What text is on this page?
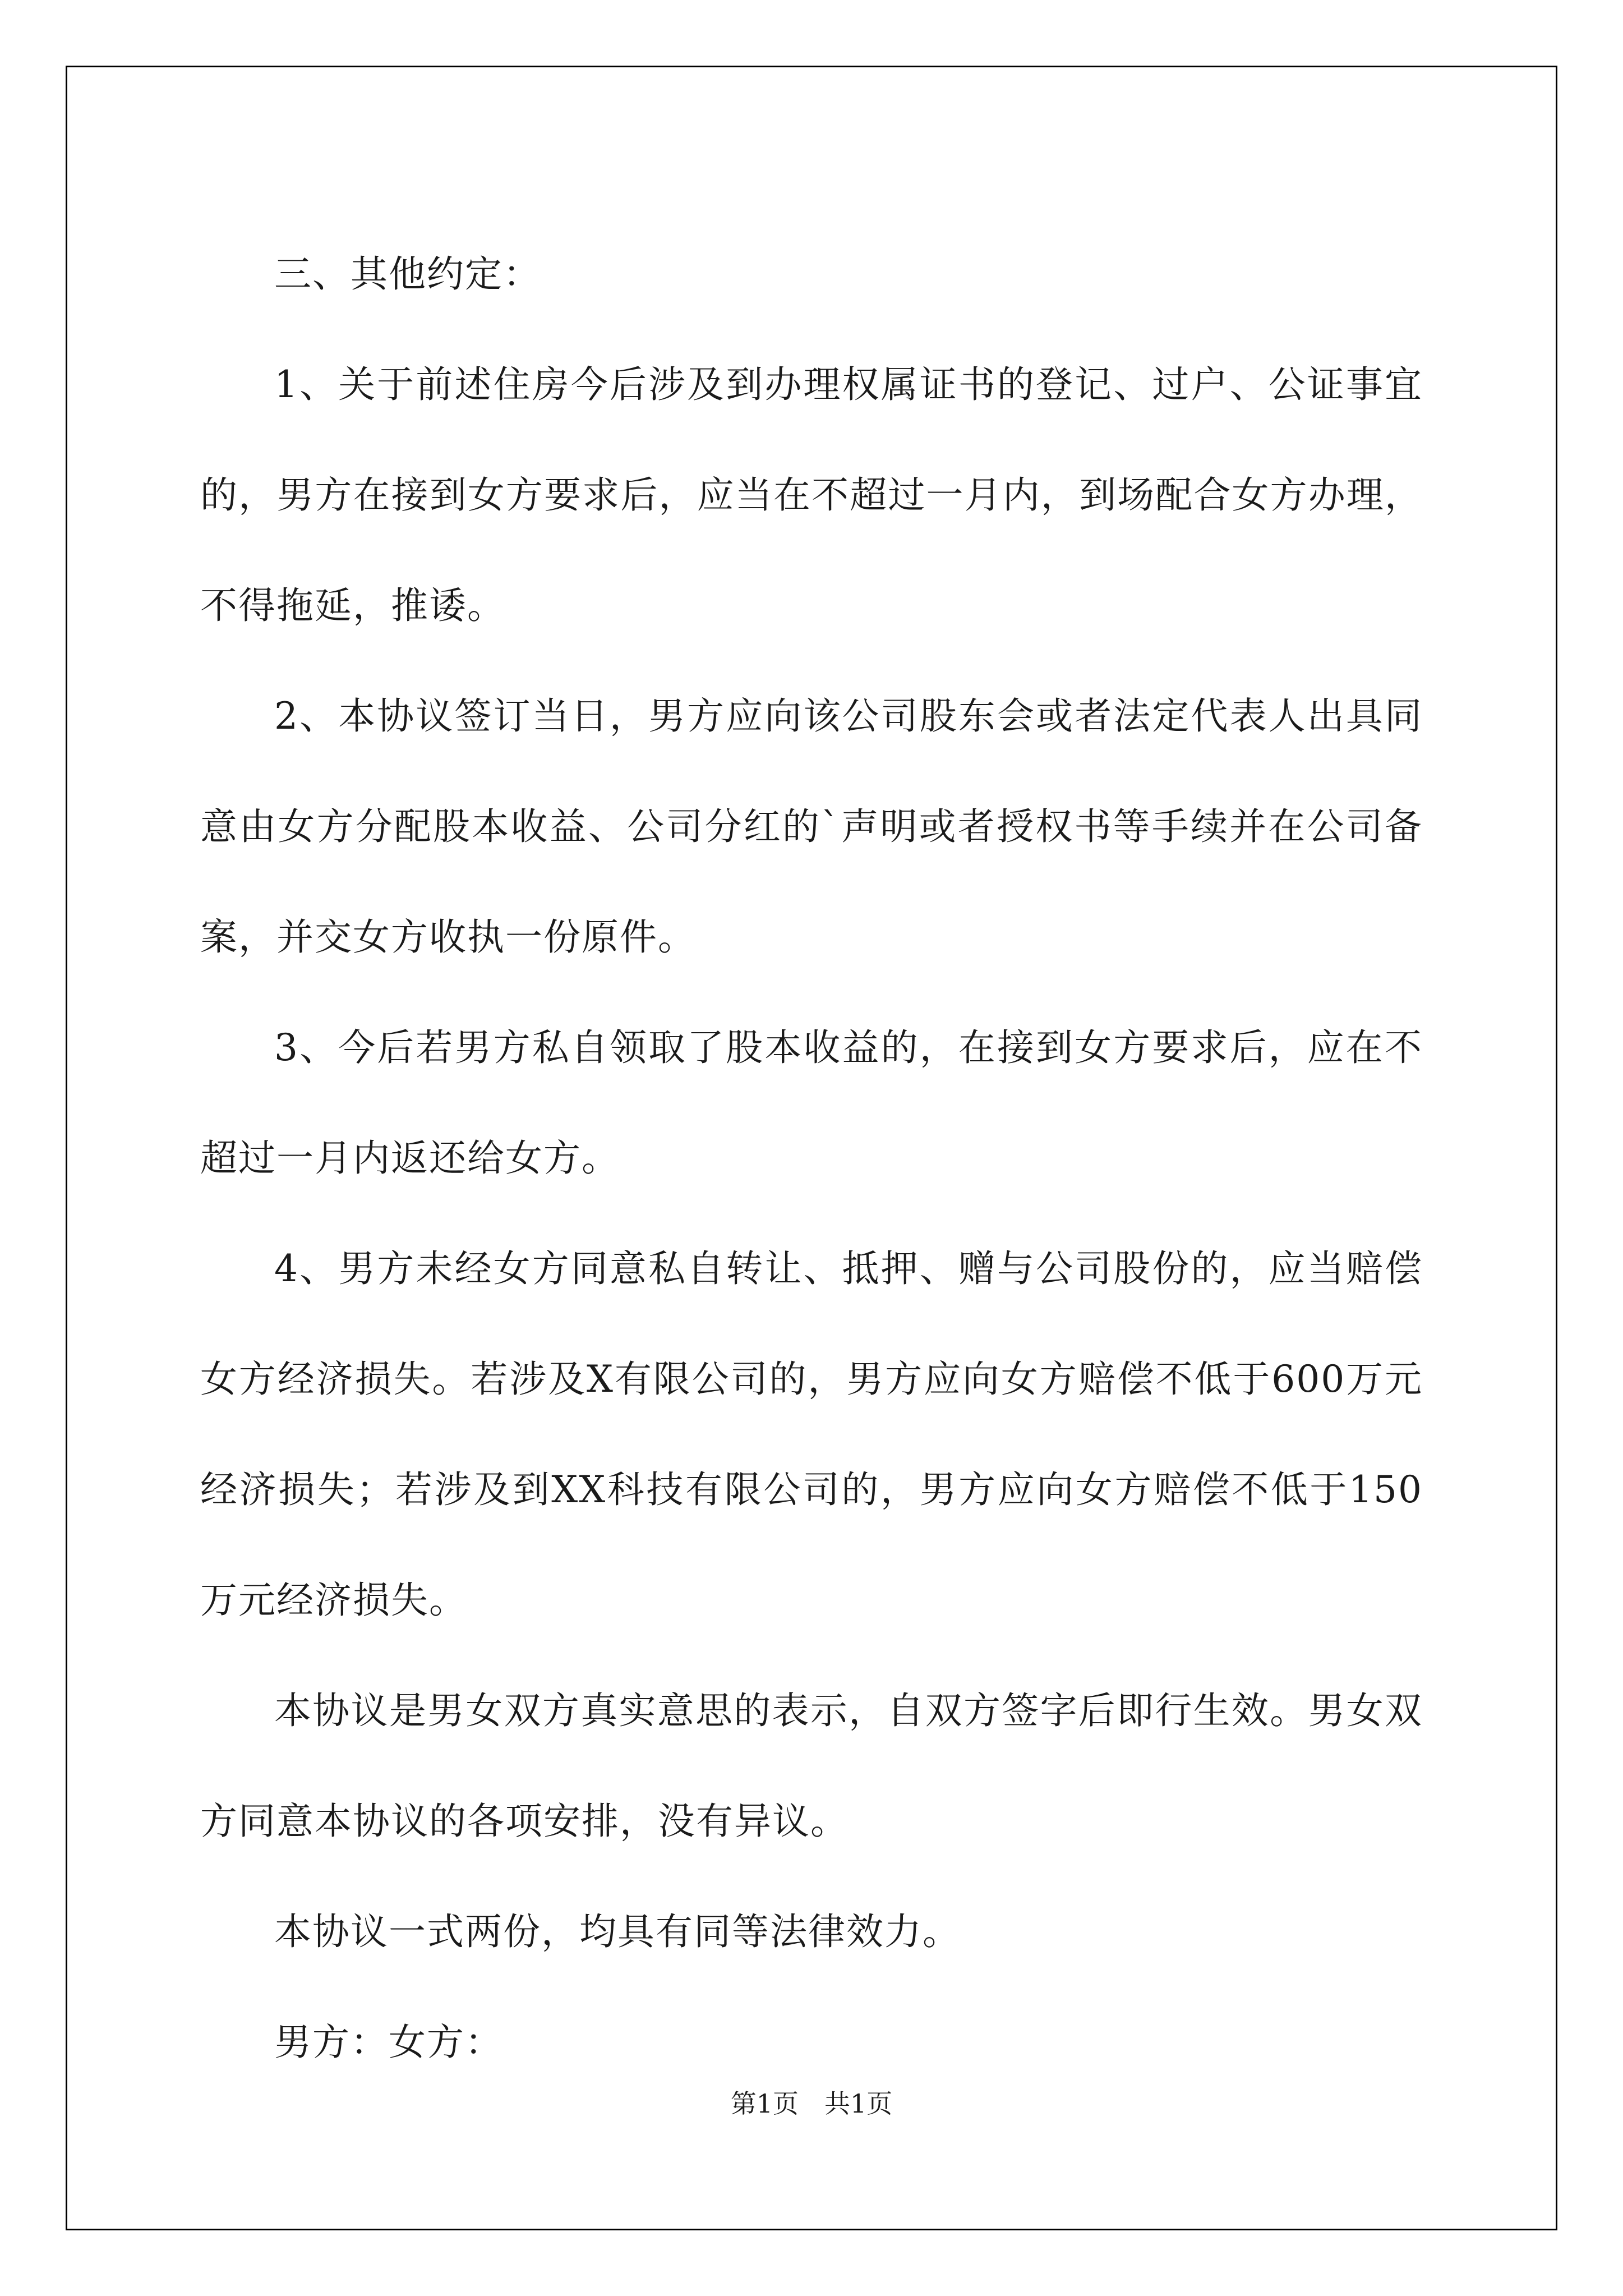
三、其他约定：

1、关于前述住房今后涉及到办理权属证书的登记、过户、公证事宜的，男方在接到女方要求后，应当在不超过一月内，到场配合女方办理，不得拖延，推诿。

2、本协议签订当日，男方应向该公司股东会或者法定代表人出具同意由女方分配股本收益、公司分红的`声明或者授权书等手续并在公司备案，并交女方收执一份原件。

3、今后若男方私自领取了股本收益的，在接到女方要求后，应在不超过一月内返还给女方。

4、男方未经女方同意私自转让、抵押、赠与公司股份的，应当赔偿女方经济损失。若涉及X有限公司的，男方应向女方赔偿不低于600万元经济损失；若涉及到XX科技有限公司的，男方应向女方赔偿不低于150万元经济损失。

本协议是男女双方真实意思的表示，自双方签字后即行生效。男女双方同意本协议的各项安排，没有异议。

本协议一式两份，均具有同等法律效力。

男方：女方：

第1页　共1页
